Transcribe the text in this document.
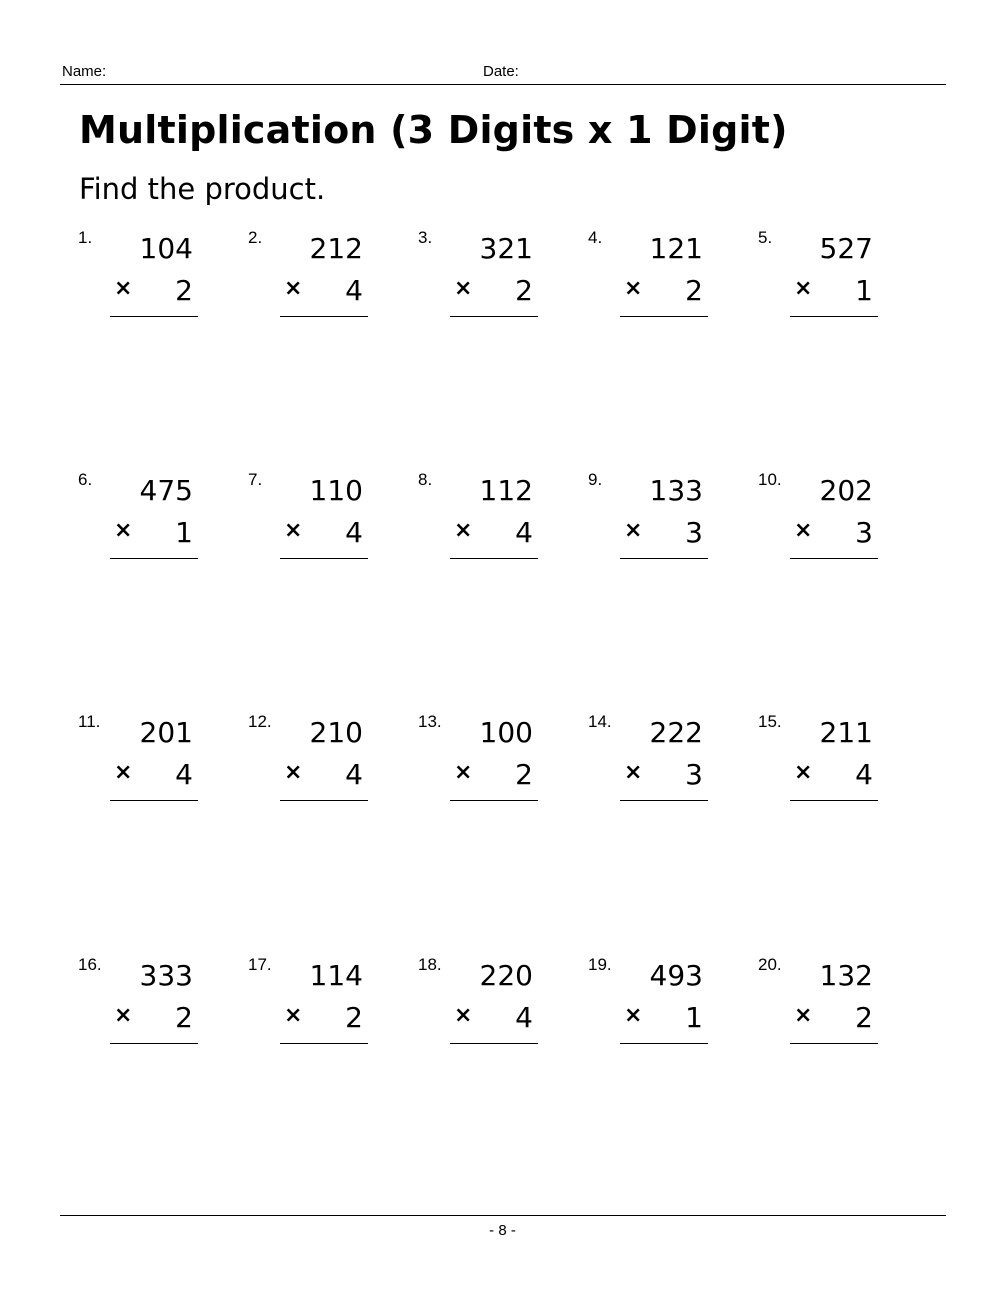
Name:	Date:
Multiplication (3 Digits x 1 Digit)
Find the product.
1.	104
×	2
2.	212
×	4
3.	321
×	2
4.	121
×	2
5.	527
×	1
6.	475
×	1
7.	110
×	4
8.	112
×	4
9.	133
×	3
10.	202
×	3
11.	201
×	4
12.	210
×	4
13.	100
×	2
14.	222
×	3
15.	211
×	4
16.	333
×	2
17.	114
×	2
18.	220
×	4
19.	493
×	1
20.	132
×	2
- 8 -
